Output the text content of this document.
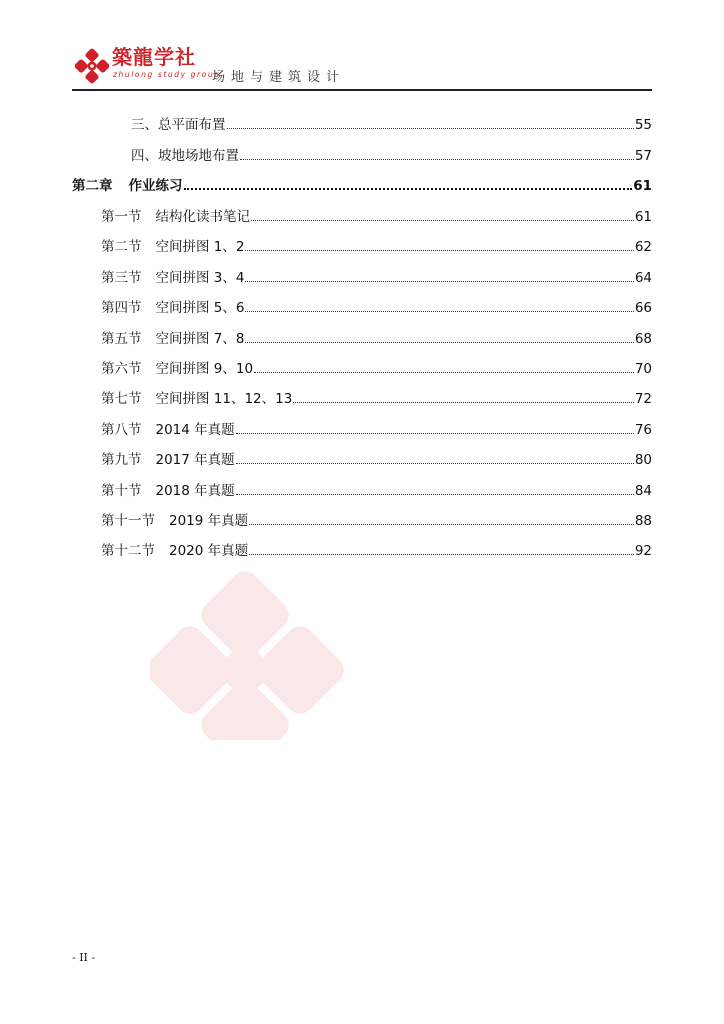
築龍学社
zhulong study group
场地与建筑设计
三、总平面布置	55
四、坡地场地布置	57
第二章 作业练习	61
第一节 结构化读书笔记	61
第二节 空间拼图 1、2	62
第三节 空间拼图 3、4	64
第四节 空间拼图 5、6	66
第五节 空间拼图 7、8	68
第六节 空间拼图 9、10	70
第七节 空间拼图 11、12、13	72
第八节 2014 年真题	76
第九节 2017 年真题	80
第十节 2018 年真题	84
第十一节 2019 年真题	88
第十二节 2020 年真题	92
- II -
